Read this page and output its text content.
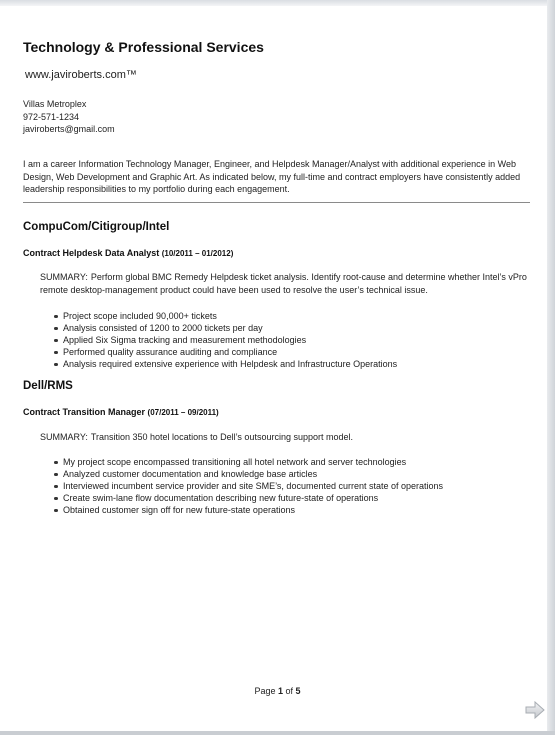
Technology & Professional Services
www.javiroberts.com™
Villas Metroplex
972-571-1234
javiroberts@gmail.com

I am a career Information Technology Manager, Engineer, and Helpdesk Manager/Analyst with additional experience in Web Design, Web Development and Graphic Art. As indicated below, my full-time and contract employers have consistently added leadership responsibilities to my portfolio during each engagement.

CompuCom/Citigroup/Intel
Contract Helpdesk Data Analyst (10/2011 – 01/2012)

SUMMARY: Perform global BMC Remedy Helpdesk ticket analysis. Identify root-cause and determine whether Intel’s vPro remote desktop-management product could have been used to resolve the user’s technical issue.

Project scope included 90,000+ tickets
Analysis consisted of 1200 to 2000 tickets per day
Applied Six Sigma tracking and measurement methodologies
Performed quality assurance auditing and compliance
Analysis required extensive experience with Helpdesk and Infrastructure Operations
Dell/RMS
Contract Transition Manager (07/2011 – 09/2011)

SUMMARY: Transition 350 hotel locations to Dell’s outsourcing support model.

My project scope encompassed transitioning all hotel network and server technologies
Analyzed customer documentation and knowledge base articles
Interviewed incumbent service provider and site SME’s, documented current state of operations
Create swim-lane flow documentation describing new future-state of operations
Obtained customer sign off for new future-state operations
Page 1 of 5
